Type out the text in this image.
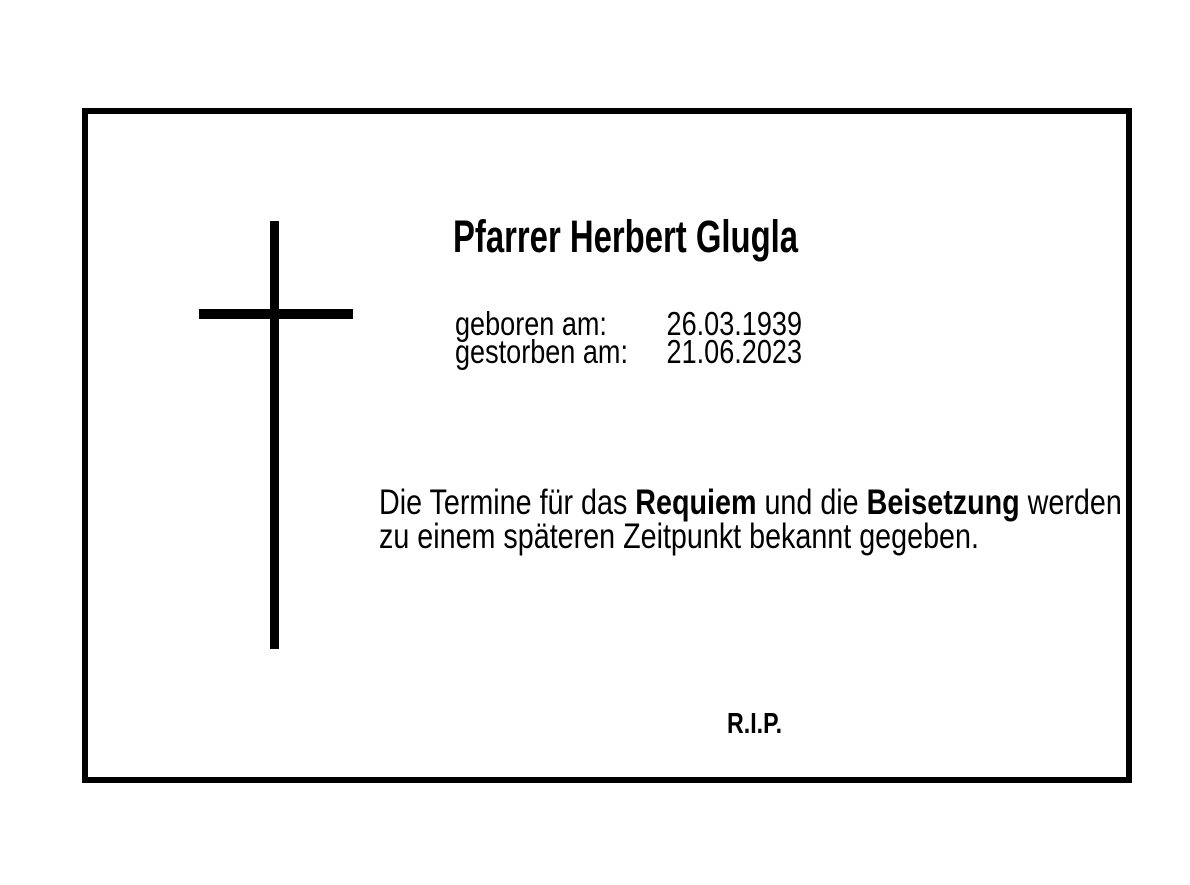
Pfarrer Herbert Glugla
geboren am: 26.03.1939
gestorben am: 21.06.2023

Die Termine für das Requiem und die Beisetzung werden
zu einem späteren Zeitpunkt bekannt gegeben.

R.I.P.
